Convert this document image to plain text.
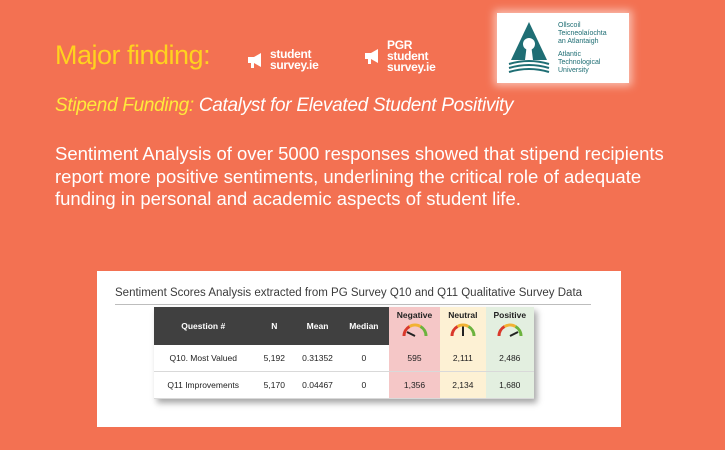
Major finding:	student
survey.ie
PGR
student
survey.ie
Ollscoil
Teicneolaíochta
an Atlantaigh
Atlantic
Technological
University
Stipend Funding: Catalyst for Elevated Student Positivity
Sentiment Analysis of over 5000 responses showed that stipend recipients report more positive sentiments, underlining the critical role of adequate funding in personal and academic aspects of student life.
Sentiment Scores Analysis extracted from PG Survey Q10 and Q11 Qualitative Survey Data
Question #	N	Mean	Median	Negative	Neutral	Positive

Q10. Most Valued	5,192	0.31352	0	595	2,111	2,486
Q11 Improvements	5,170	0.04467	0	1,356	2,134	1,680
